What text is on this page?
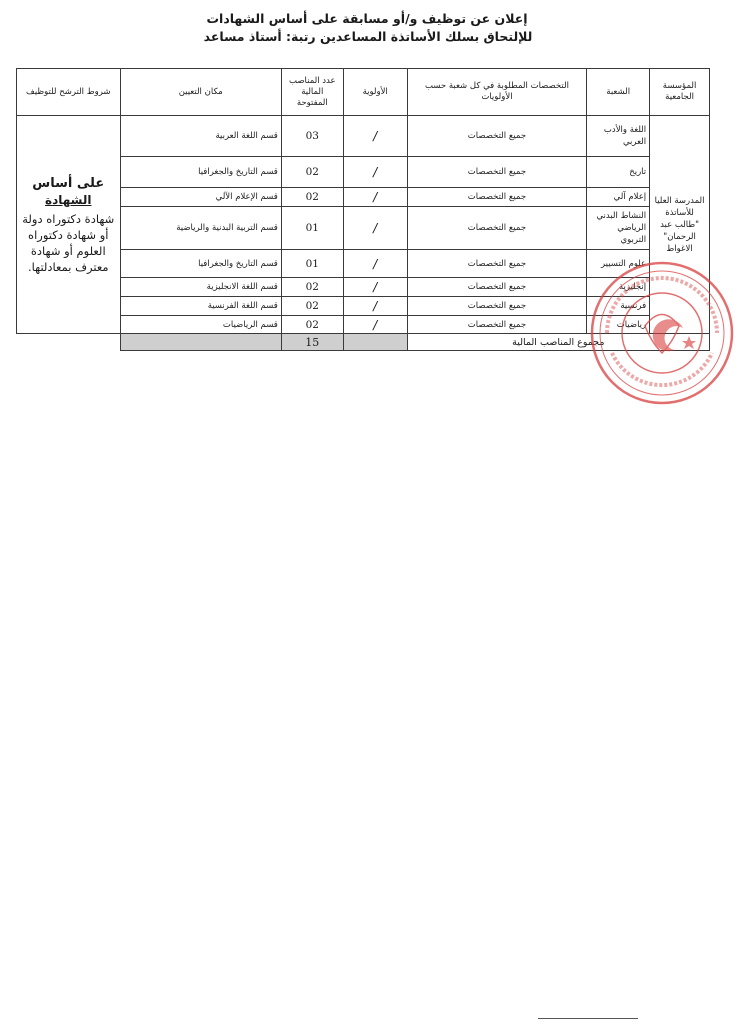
إعلان عن توظيف و/أو مسابقة على أساس الشهادات
للإلتحاق بسلك الأساتذة المساعدين رتبة: أستاذ مساعد
المؤسسة الجامعية	الشعبة	التخصصات المطلوبة في كل شعبة حسب الأولويات	الأولوية	عدد المناصب المالية المفتوحة	مكان التعيين	شروط الترشح للتوظيف
المدرسة العليا للأساتذة "طالب عبد الرحمان" الاغواط	اللغة والأدب العربي	جميع التخصصات	/	03	قسم اللغة العربية	على أساس
الشهادة
شهادة دكتوراه دولة أو شهادة دكتوراه العلوم أو شهادة معترف بمعادلتها.

	تاريخ	جميع التخصصات	/	02	قسم التاريخ والجغرافيا	
	إعلام آلي	جميع التخصصات	/	02	قسم الإعلام الآلي	
	النشاط البدني الرياضي التربوي	جميع التخصصات	/	01	قسم التربية البدنية والرياضية	
	علوم التسيير	جميع التخصصات	/	01	قسم التاريخ والجغرافيا	
	إنجليزية	جميع التخصصات	/	02	قسم اللغة الانجليزية	
	فرنسية	جميع التخصصات	/	02	قسم اللغة الفرنسية	
	رياضيات	جميع التخصصات	/	02	قسم الرياضيات	
مجموع المناصب المالية				15		
